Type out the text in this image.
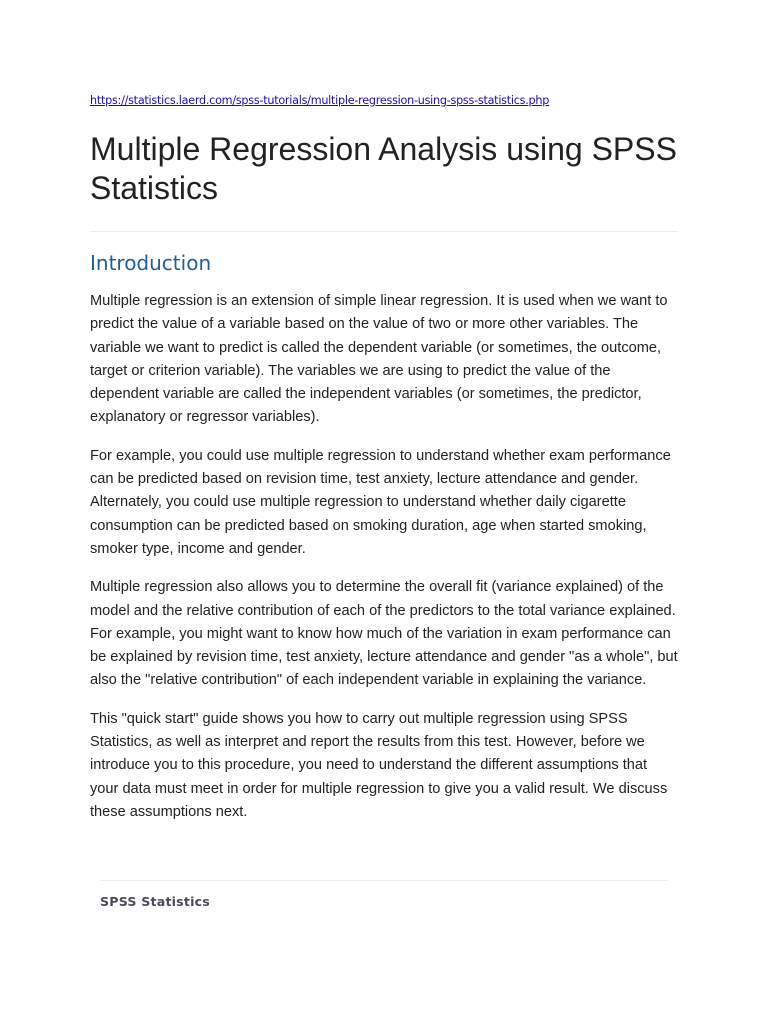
https://statistics.laerd.com/spss-tutorials/multiple-regression-using-spss-statistics.php
Multiple Regression Analysis using SPSS Statistics
Introduction

Multiple regression is an extension of simple linear regression. It is used when we want to predict the value of a variable based on the value of two or more other variables. The variable we want to predict is called the dependent variable (or sometimes, the outcome, target or criterion variable). The variables we are using to predict the value of the dependent variable are called the independent variables (or sometimes, the predictor, explanatory or regressor variables).

For example, you could use multiple regression to understand whether exam performance can be predicted based on revision time, test anxiety, lecture attendance and gender. Alternately, you could use multiple regression to understand whether daily cigarette consumption can be predicted based on smoking duration, age when started smoking, smoker type, income and gender.

Multiple regression also allows you to determine the overall fit (variance explained) of the model and the relative contribution of each of the predictors to the total variance explained. For example, you might want to know how much of the variation in exam performance can be explained by revision time, test anxiety, lecture attendance and gender "as a whole", but also the "relative contribution" of each independent variable in explaining the variance.

This "quick start" guide shows you how to carry out multiple regression using SPSS Statistics, as well as interpret and report the results from this test. However, before we introduce you to this procedure, you need to understand the different assumptions that your data must meet in order for multiple regression to give you a valid result. We discuss these assumptions next.

SPSS Statistics
